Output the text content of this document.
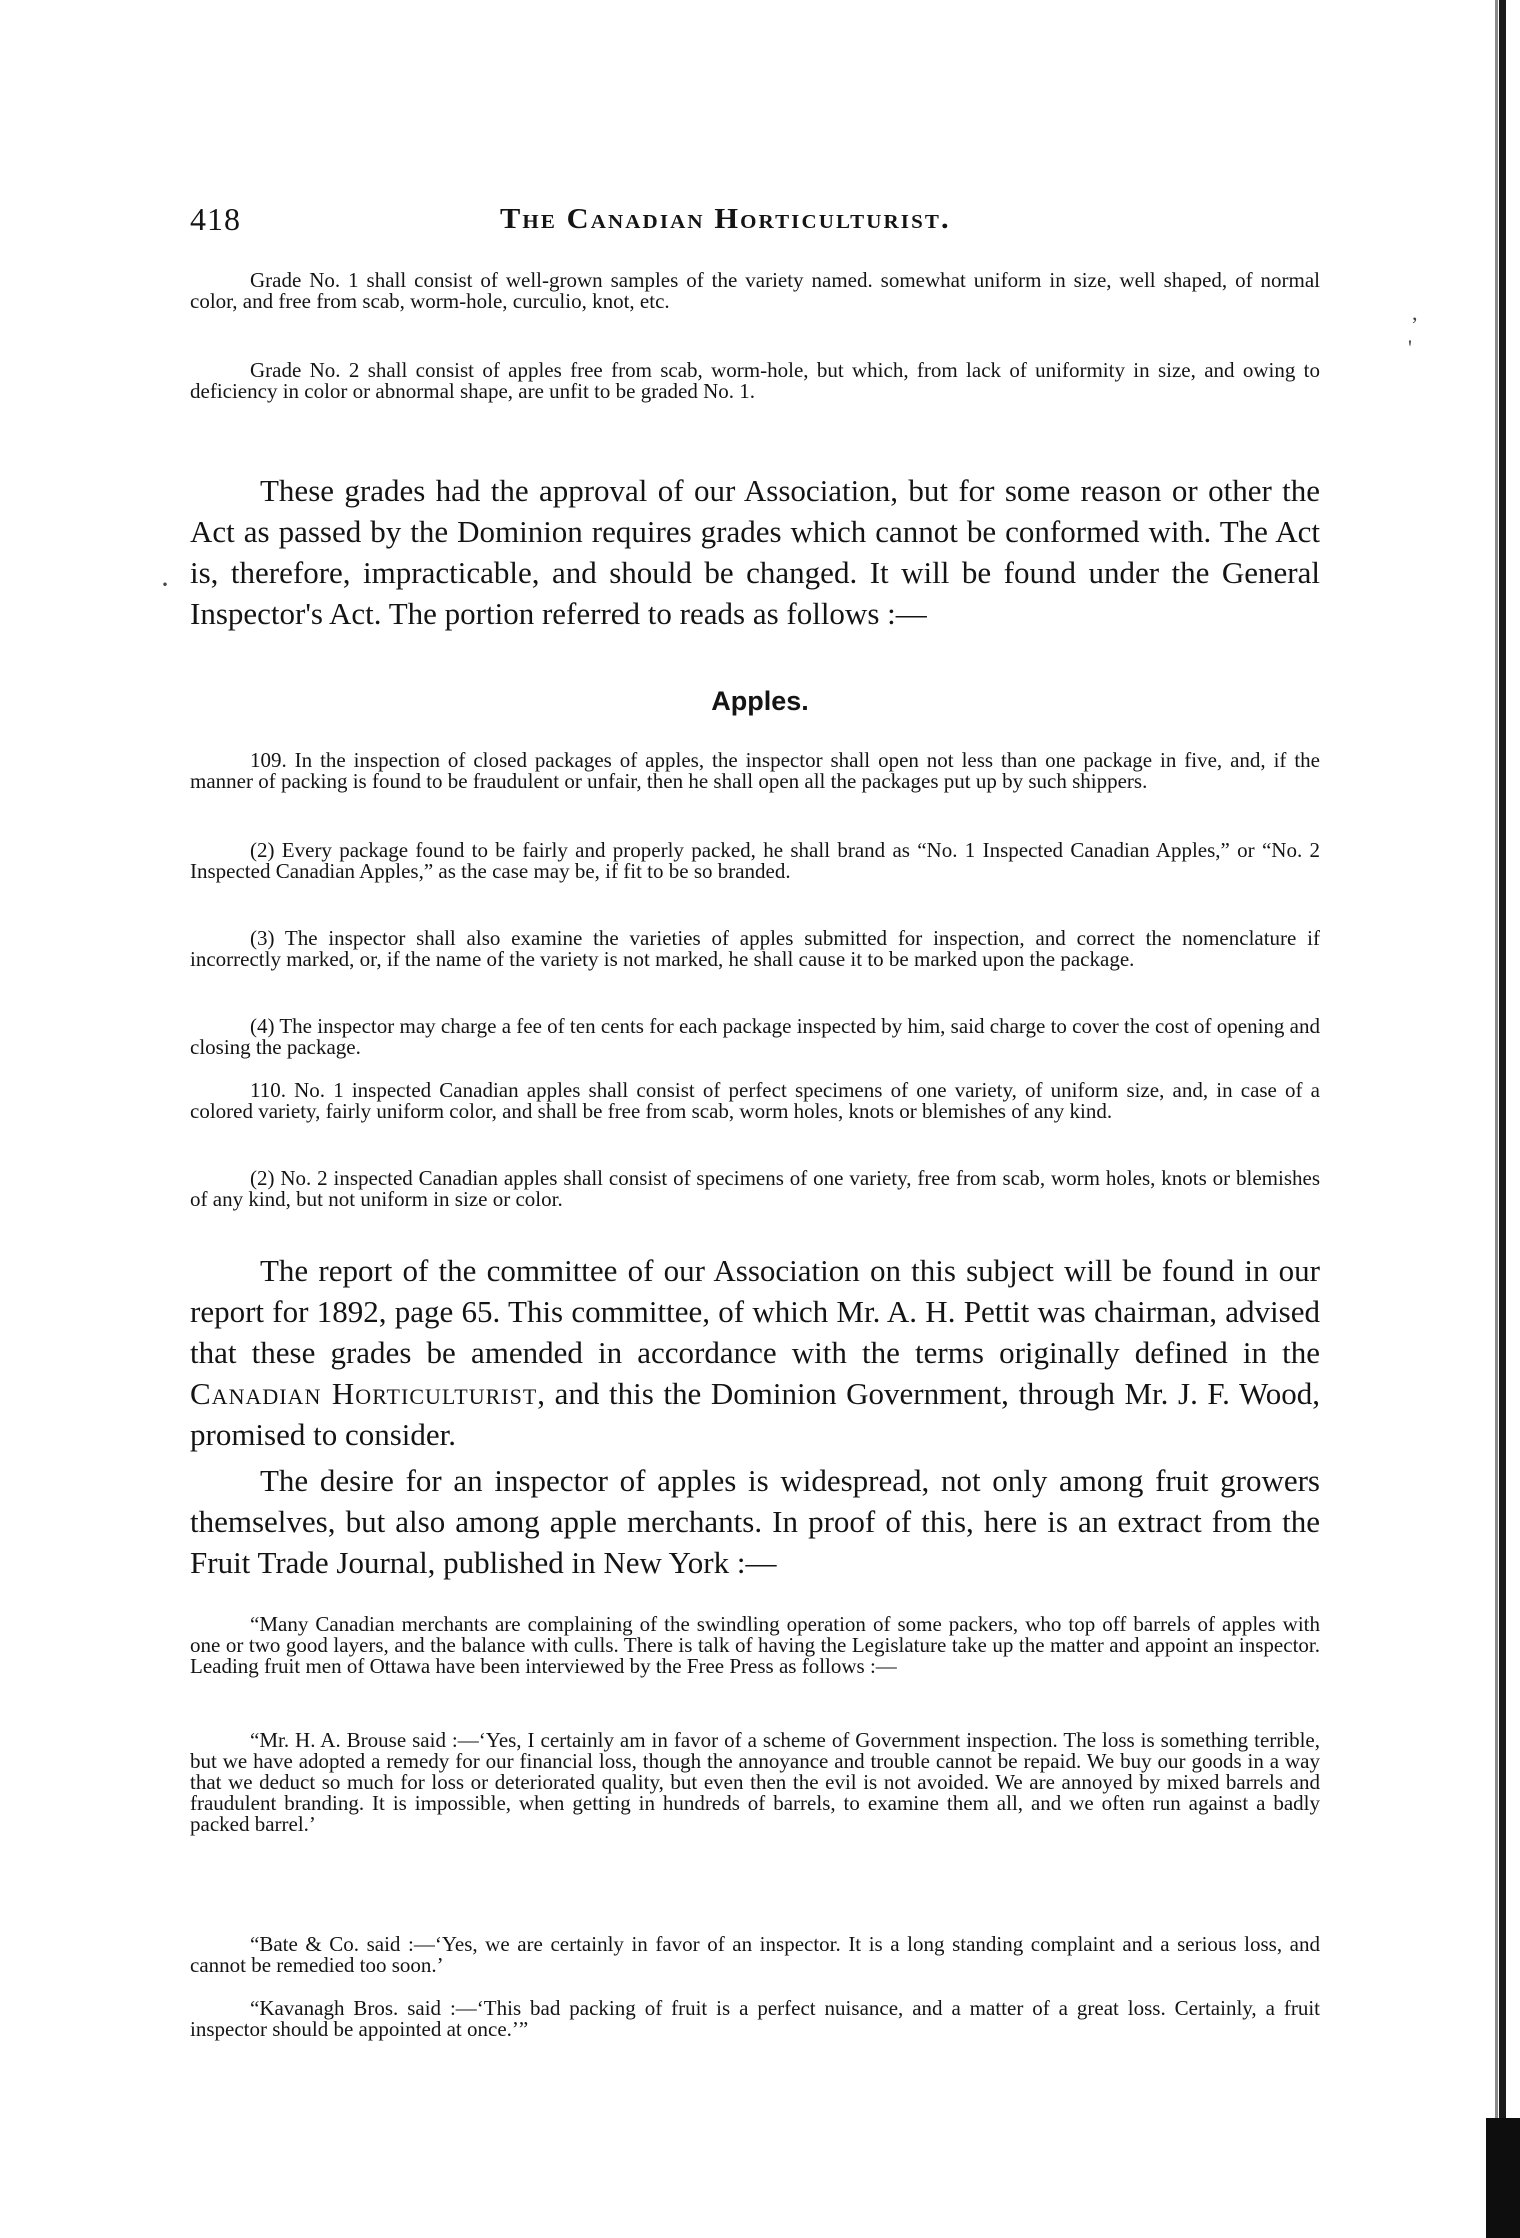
,
'
·
418	The Canadian Horticulturist.

Grade No. 1 shall consist of well-grown samples of the variety named. somewhat uniform in size, well shaped, of normal color, and free from scab, worm-hole, curculio, knot, etc.

Grade No. 2 shall consist of apples free from scab, worm-hole, but which, from lack of uniformity in size, and owing to deficiency in color or abnormal shape, are unfit to be graded No. 1.

These grades had the approval of our Association, but for some reason or other the Act as passed by the Dominion requires grades which cannot be conformed with. The Act is, therefore, impracticable, and should be changed. It will be found under the General Inspector's Act. The portion referred to reads as follows :—

Apples.

109. In the inspection of closed packages of apples, the inspector shall open not less than one package in five, and, if the manner of packing is found to be fraudulent or unfair, then he shall open all the packages put up by such shippers.

(2) Every package found to be fairly and properly packed, he shall brand as “No. 1 Inspected Canadian Apples,” or “No. 2 Inspected Canadian Apples,” as the case may be, if fit to be so branded.

(3) The inspector shall also examine the varieties of apples submitted for inspection, and correct the nomenclature if incorrectly marked, or, if the name of the variety is not marked, he shall cause it to be marked upon the package.

(4) The inspector may charge a fee of ten cents for each package inspected by him, said charge to cover the cost of opening and closing the package.

110. No. 1 inspected Canadian apples shall consist of perfect specimens of one variety, of uniform size, and, in case of a colored variety, fairly uniform color, and shall be free from scab, worm holes, knots or blemishes of any kind.

(2) No. 2 inspected Canadian apples shall consist of specimens of one variety, free from scab, worm holes, knots or blemishes of any kind, but not uniform in size or color.

The report of the committee of our Association on this subject will be found in our report for 1892, page 65. This committee, of which Mr. A. H. Pettit was chairman, advised that these grades be amended in accordance with the terms originally defined in the Canadian Horticulturist, and this the Dominion Government, through Mr. J. F. Wood, promised to consider.

The desire for an inspector of apples is widespread, not only among fruit growers themselves, but also among apple merchants. In proof of this, here is an extract from the Fruit Trade Journal, published in New York :—

“Many Canadian merchants are complaining of the swindling operation of some packers, who top off barrels of apples with one or two good layers, and the balance with culls. There is talk of having the Legislature take up the matter and appoint an inspector. Leading fruit men of Ottawa have been interviewed by the Free Press as follows :—

“Mr. H. A. Brouse said :—‘Yes, I certainly am in favor of a scheme of Government inspection. The loss is something terrible, but we have adopted a remedy for our financial loss, though the annoyance and trouble cannot be repaid. We buy our goods in a way that we deduct so much for loss or deteriorated quality, but even then the evil is not avoided. We are annoyed by mixed barrels and fraudulent branding. It is impossible, when getting in hundreds of barrels, to examine them all, and we often run against a badly packed barrel.’

“Bate & Co. said :—‘Yes, we are certainly in favor of an inspector. It is a long standing complaint and a serious loss, and cannot be remedied too soon.’

“Kavanagh Bros. said :—‘This bad packing of fruit is a perfect nuisance, and a matter of a great loss. Certainly, a fruit inspector should be appointed at once.’”
